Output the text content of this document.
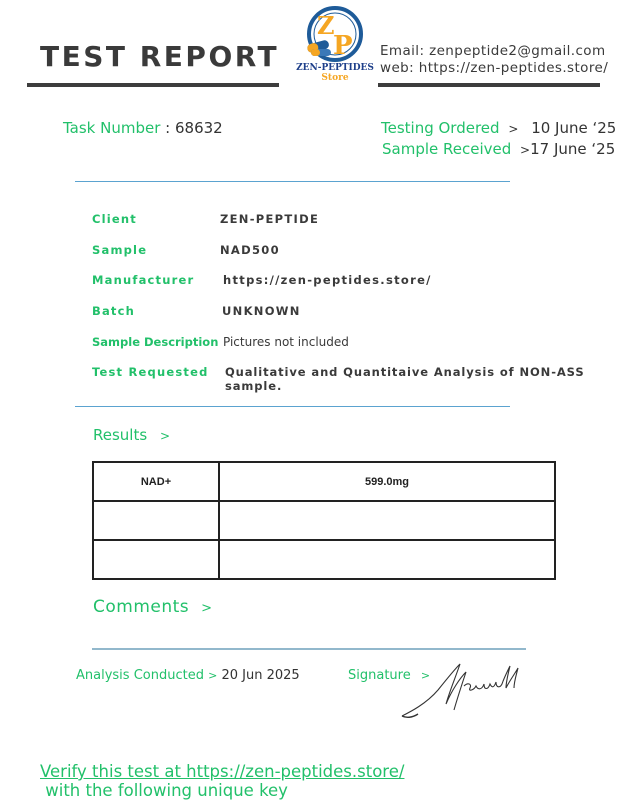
TEST REPORT
Z
P
ZEN-PEPTIDES
Store
Email: zenpeptide2@gmail.com
web: https://zen-peptides.store/
Task Number : 68632	Testing Ordered > 10 June ‘25
Sample Received >17 June ‘25
Client	ZEN-PEPTIDE
Sample	NAD500
Manufacturer https://zen-peptides.store/
Batch	UNKNOWN
Sample Description Pictures not included
Test Requested Qualitative and Quantitaive Analysis of NON-ASS sample.
Results >
NAD+	599.0mg

Comments >
Analysis Conducted > 20 Jun 2025	Signature >
Verify this test at https://zen-peptides.store/ with the following unique key
